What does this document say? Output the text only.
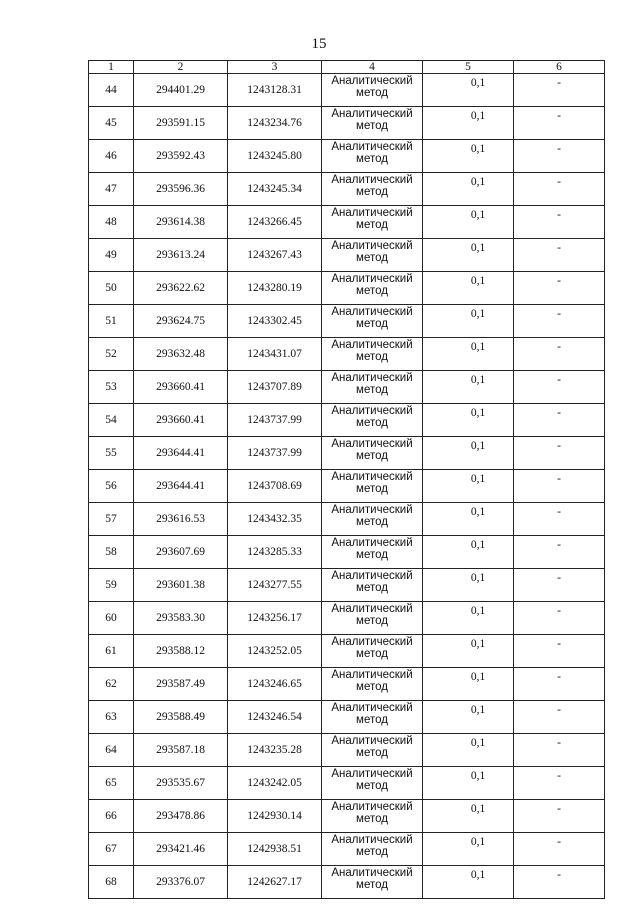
15
1	2	3	4	5	6
44	294401.29	1243128.31	Аналитический
метод	0,1	-
45	293591.15	1243234.76	Аналитический
метод	0,1	-
46	293592.43	1243245.80	Аналитический
метод	0,1	-
47	293596.36	1243245.34	Аналитический
метод	0,1	-
48	293614.38	1243266.45	Аналитический
метод	0,1	-
49	293613.24	1243267.43	Аналитический
метод	0,1	-
50	293622.62	1243280.19	Аналитический
метод	0,1	-
51	293624.75	1243302.45	Аналитический
метод	0,1	-
52	293632.48	1243431.07	Аналитический
метод	0,1	-
53	293660.41	1243707.89	Аналитический
метод	0,1	-
54	293660.41	1243737.99	Аналитический
метод	0,1	-
55	293644.41	1243737.99	Аналитический
метод	0,1	-
56	293644.41	1243708.69	Аналитический
метод	0,1	-
57	293616.53	1243432.35	Аналитический
метод	0,1	-
58	293607.69	1243285.33	Аналитический
метод	0,1	-
59	293601.38	1243277.55	Аналитический
метод	0,1	-
60	293583.30	1243256.17	Аналитический
метод	0,1	-
61	293588.12	1243252.05	Аналитический
метод	0,1	-
62	293587.49	1243246.65	Аналитический
метод	0,1	-
63	293588.49	1243246.54	Аналитический
метод	0,1	-
64	293587.18	1243235.28	Аналитический
метод	0,1	-
65	293535.67	1243242.05	Аналитический
метод	0,1	-
66	293478.86	1242930.14	Аналитический
метод	0,1	-
67	293421.46	1242938.51	Аналитический
метод	0,1	-
68	293376.07	1242627.17	Аналитический
метод	0,1	-
